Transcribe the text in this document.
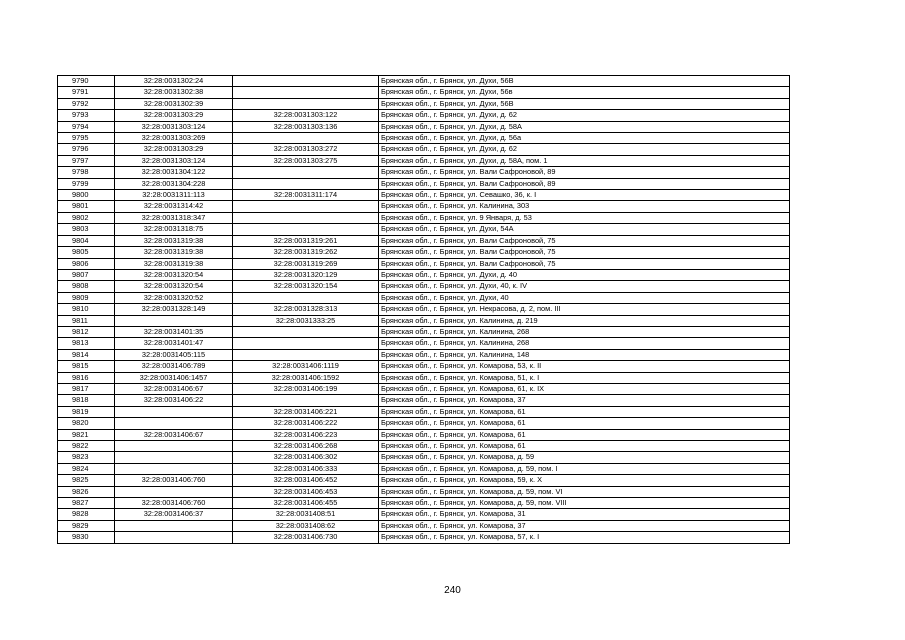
9790	32:28:0031302:24		Брянская обл., г. Брянск, ул. Духи, 56В
9791	32:28:0031302:38		Брянская обл., г. Брянск, ул. Духи, 56в
9792	32:28:0031302:39		Брянская обл., г. Брянск, ул. Духи, 56В
9793	32:28:0031303:29	32:28:0031303:122	Брянская обл., г. Брянск, ул. Духи, д. 62
9794	32:28:0031303:124	32:28:0031303:136	Брянская обл., г. Брянск, ул. Духи, д. 58А
9795	32:28:0031303:269		Брянская обл., г. Брянск, ул. Духи, д. 56а
9796	32:28:0031303:29	32:28:0031303:272	Брянская обл., г. Брянск, ул. Духи, д. 62
9797	32:28:0031303:124	32:28:0031303:275	Брянская обл., г. Брянск, ул. Духи, д. 58А, пом. 1
9798	32:28:0031304:122		Брянская обл., г. Брянск, ул. Вали Сафроновой, 89
9799	32:28:0031304:228		Брянская обл., г. Брянск, ул. Вали Сафроновой, 89
9800	32:28:0031311:113	32:28:0031311:174	Брянская обл., г. Брянск, ул. Севашко, 36, к. I
9801	32:28:0031314:42		Брянская обл., г. Брянск, ул. Калинина, 303
9802	32:28:0031318:347		Брянская обл., г. Брянск, ул. 9 Января, д. 53
9803	32:28:0031318:75		Брянская обл., г. Брянск, ул. Духи, 54А
9804	32:28:0031319:38	32:28:0031319:261	Брянская обл., г. Брянск, ул. Вали Сафроновой, 75
9805	32:28:0031319:38	32:28:0031319:262	Брянская обл., г. Брянск, ул. Вали Сафроновой, 75
9806	32:28:0031319:38	32:28:0031319:269	Брянская обл., г. Брянск, ул. Вали Сафроновой, 75
9807	32:28:0031320:54	32:28:0031320:129	Брянская обл., г. Брянск, ул. Духи, д. 40
9808	32:28:0031320:54	32:28:0031320:154	Брянская обл., г. Брянск, ул. Духи, 40, к. IV
9809	32:28:0031320:52		Брянская обл., г. Брянск, ул. Духи, 40
9810	32:28:0031328:149	32:28:0031328:313	Брянская обл., г. Брянск, ул. Некрасова, д. 2, пом. III
9811		32:28:0031333:25	Брянская обл., г. Брянск, ул. Калинина, д. 219
9812	32:28:0031401:35		Брянская обл., г. Брянск, ул. Калинина, 268
9813	32:28:0031401:47		Брянская обл., г. Брянск, ул. Калинина, 268
9814	32:28:0031405:115		Брянская обл., г. Брянск, ул. Калинина, 148
9815	32:28:0031406:789	32:28:0031406:1119	Брянская обл., г. Брянск, ул. Комарова, 53, к. II
9816	32:28:0031406:1457	32:28:0031406:1592	Брянская обл., г. Брянск, ул. Комарова, 51, к. I
9817	32:28:0031406:67	32:28:0031406:199	Брянская обл., г. Брянск, ул. Комарова, 61, к. IX
9818	32:28:0031406:22		Брянская обл., г. Брянск, ул. Комарова, 37
9819		32:28:0031406:221	Брянская обл., г. Брянск, ул. Комарова, 61
9820		32:28:0031406:222	Брянская обл., г. Брянск, ул. Комарова, 61
9821	32:28:0031406:67	32:28:0031406:223	Брянская обл., г. Брянск, ул. Комарова, 61
9822		32:28:0031406:268	Брянская обл., г. Брянск, ул. Комарова, 61
9823		32:28:0031406:302	Брянская обл., г. Брянск, ул. Комарова, д. 59
9824		32:28:0031406:333	Брянская обл., г. Брянск, ул. Комарова, д. 59, пом. I
9825	32:28:0031406:760	32:28:0031406:452	Брянская обл., г. Брянск, ул. Комарова, 59, к. X
9826		32:28:0031406:453	Брянская обл., г. Брянск, ул. Комарова, д. 59, пом. VI
9827	32:28:0031406:760	32:28:0031406:455	Брянская обл., г. Брянск, ул. Комарова, д. 59, пом. VIII
9828	32:28:0031406:37	32:28:0031408:51	Брянская обл., г. Брянск, ул. Комарова, 31
9829		32:28:0031408:62	Брянская обл., г. Брянск, ул. Комарова, 37
9830		32:28:0031406:730	Брянская обл., г. Брянск, ул. Комарова, 57, к. I
240
